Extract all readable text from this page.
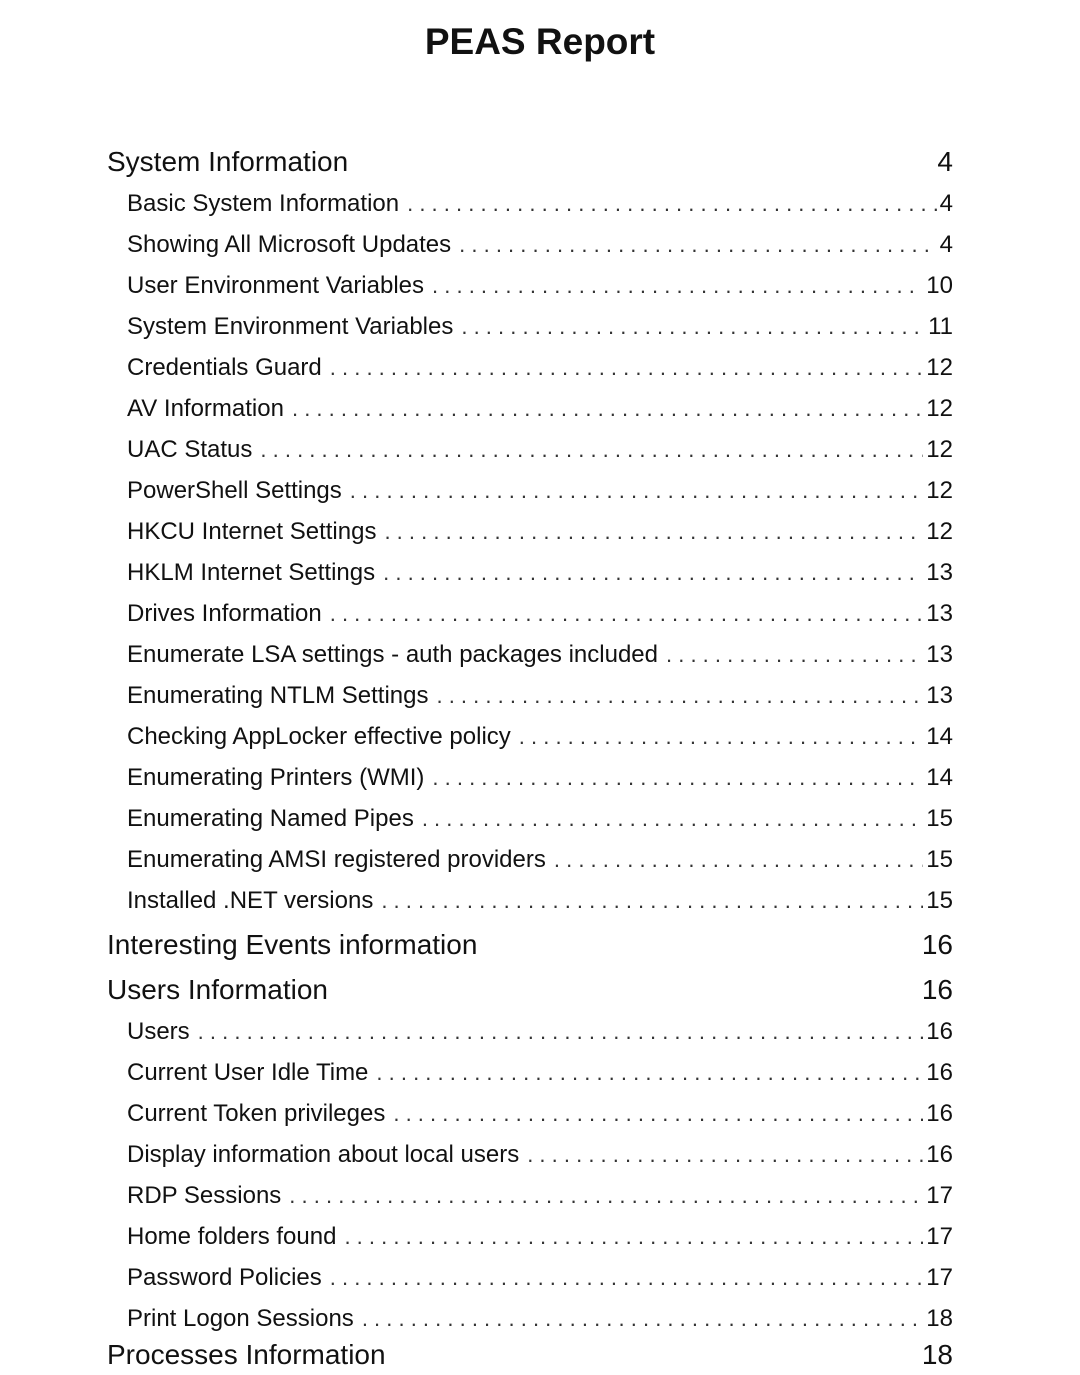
PEAS Report
System Information	4
Basic System Information . . .	4
Showing All Microsoft Updates . . .	4
User Environment Variables . . .	10
System Environment Variables . . .	11
Credentials Guard . . .	12
AV Information . . .	12
UAC Status . . .	12
PowerShell Settings . . .	12
HKCU Internet Settings . . .	12
HKLM Internet Settings . . .	13
Drives Information . . .	13
Enumerate LSA settings - auth packages included . . .	13
Enumerating NTLM Settings . . .	13
Checking AppLocker effective policy . . .	14
Enumerating Printers (WMI) . . .	14
Enumerating Named Pipes . . .	15
Enumerating AMSI registered providers . . .	15
Installed .NET versions . . .	15
Interesting Events information	16
Users Information	16
Users . . .	16
Current User Idle Time . . .	16
Current Token privileges . . .	16
Display information about local users . . .	16
RDP Sessions . . .	17
Home folders found . . .	17
Password Policies . . .	17
Print Logon Sessions . . .	18
Processes Information	18
